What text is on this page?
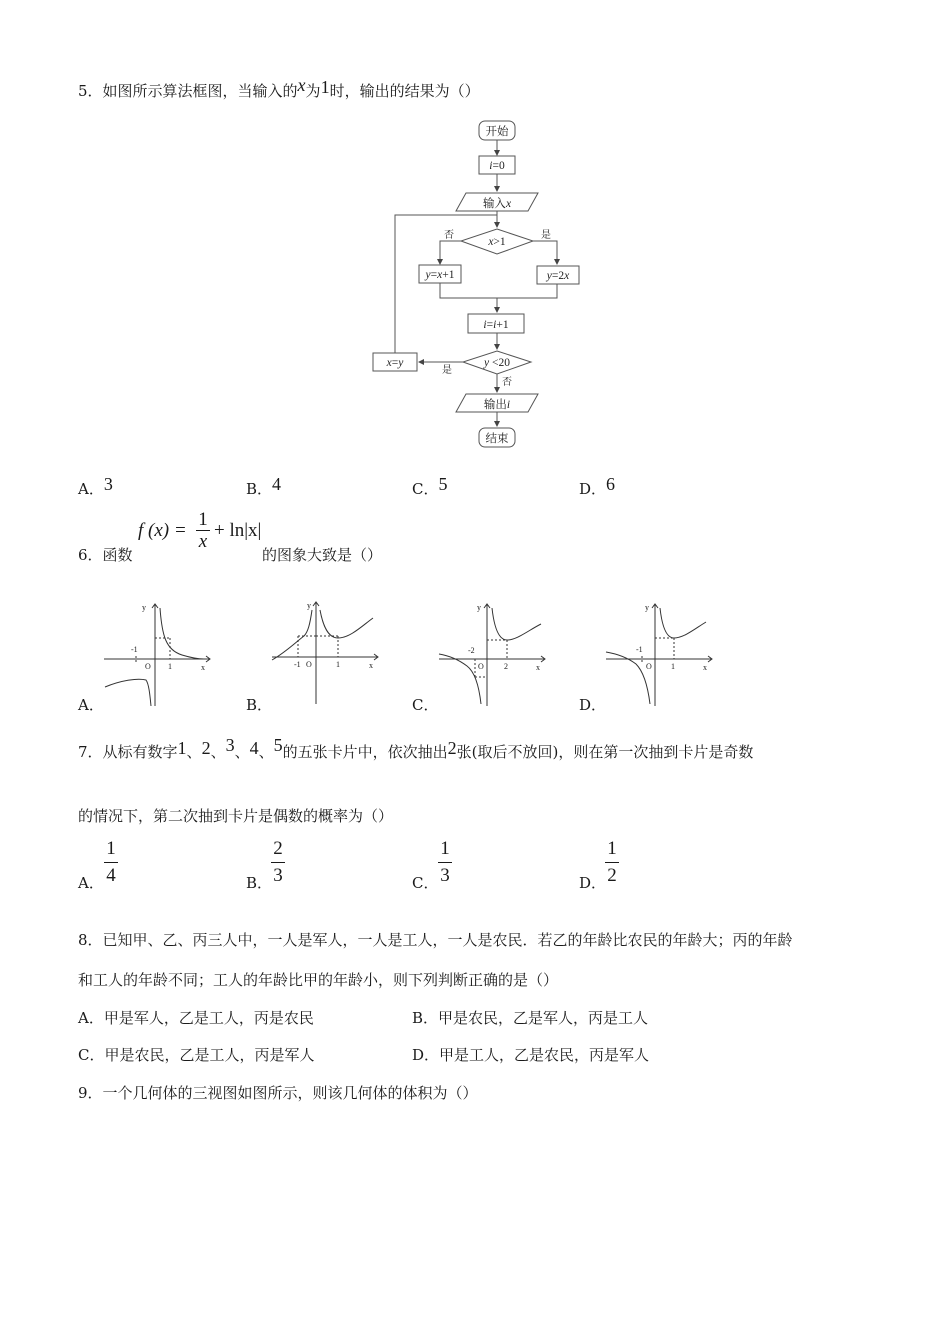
5．如图所示算法框图，当输入的x为1时，输出的结果为（）
开始
i=0
输入x
x>1
否	是
y=x+1	y=2x
i=i+1
y <20
x=y
是
否
输出i
结束
A．3	B．4	C．5	D．6
6．函数
f (x) =
1
x
+ ln|x|
的图象大致是（）
y
x
-1
1
O
y
x
-1	1
O
y
x
-2
2
O
y
x
-1
1
O
A．	B．	C．	D．
7．从标有数字1、2、3、4、5的五张卡片中，依次抽出2张(取后不放回)，则在第一次抽到卡片是奇数
的情况下，第二次抽到卡片是偶数的概率为（）
A．
1
4	B．
2
3	C．
1
3	D．
1
2
8．已知甲、乙、丙三人中，一人是军人，一人是工人，一人是农民．若乙的年龄比农民的年龄大；丙的年龄
和工人的年龄不同；工人的年龄比甲的年龄小，则下列判断正确的是（）
A．甲是军人，乙是工人，丙是农民	B．甲是农民，乙是军人，丙是工人
C．甲是农民，乙是工人，丙是军人	D．甲是工人，乙是农民，丙是军人
9．一个几何体的三视图如图所示，则该几何体的体积为（）
